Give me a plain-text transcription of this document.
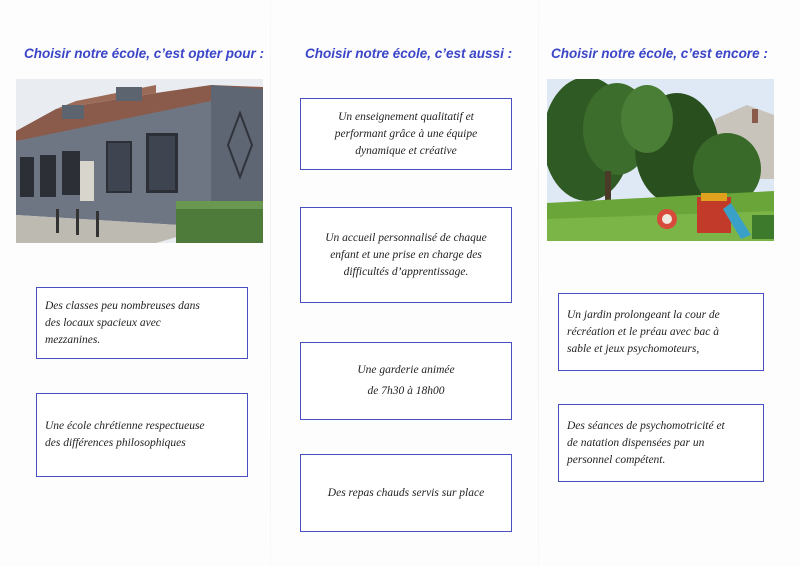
Choisir notre école, c’est opter pour :
Des classes peu nombreuses dans
des locaux spacieux avec
mezzanines.
Une école chrétienne respectueuse
des différences philosophiques
Choisir notre école, c’est aussi :
Un enseignement qualitatif et
performant grâce à une équipe
dynamique et créative
Un accueil personnalisé de chaque
enfant et une prise en charge des
difficultés d’apprentissage.
Une garderie animée
de 7h30 à 18h00
Des repas chauds servis sur place
Choisir notre école, c’est encore :
Un jardin prolongeant la cour de
récréation et le préau avec bac à
sable et jeux psychomoteurs,
Des séances de psychomotricité et
de natation dispensées par un
personnel compétent.
